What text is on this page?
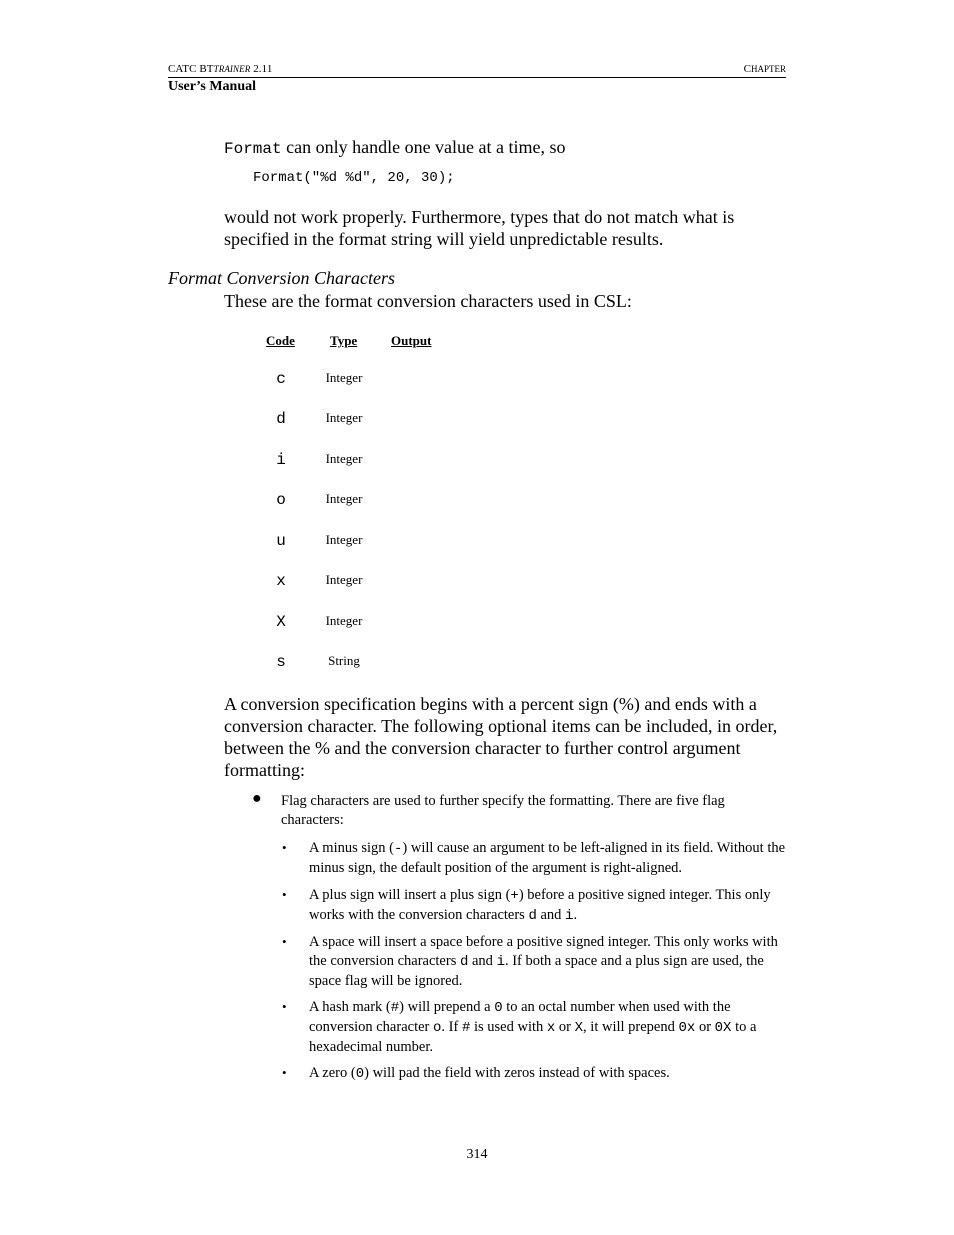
CATC BTTRAINER 2.11	CHAPTER
User’s Manual
Format can only handle one value at a time, so
Format("%d %d", 20, 30);
would not work properly. Furthermore, types that do not match what is specified in the format string will yield unpredictable results.
Format Conversion Characters
These are the format conversion characters used in CSL:
Code	Type	Output
c	Integer
d	Integer
i	Integer
o	Integer
u	Integer
x	Integer
X	Integer
s	String
A conversion specification begins with a percent sign (%) and ends with a conversion character. The following optional items can be included, in order, between the % and the conversion character to further control argument formatting:
● Flag characters are used to further specify the formatting. There are five flag characters:
• A minus sign (-) will cause an argument to be left-aligned in its field. Without the minus sign, the default position of the argument is right-aligned.
• A plus sign will insert a plus sign (+) before a positive signed integer. This only works with the conversion characters d and i.
• A space will insert a space before a positive signed integer. This only works with the conversion characters d and i. If both a space and a plus sign are used, the space flag will be ignored.
• A hash mark (#) will prepend a 0 to an octal number when used with the conversion character o. If # is used with x or X, it will prepend 0x or 0X to a hexadecimal number.
• A zero (0) will pad the field with zeros instead of with spaces.
314
